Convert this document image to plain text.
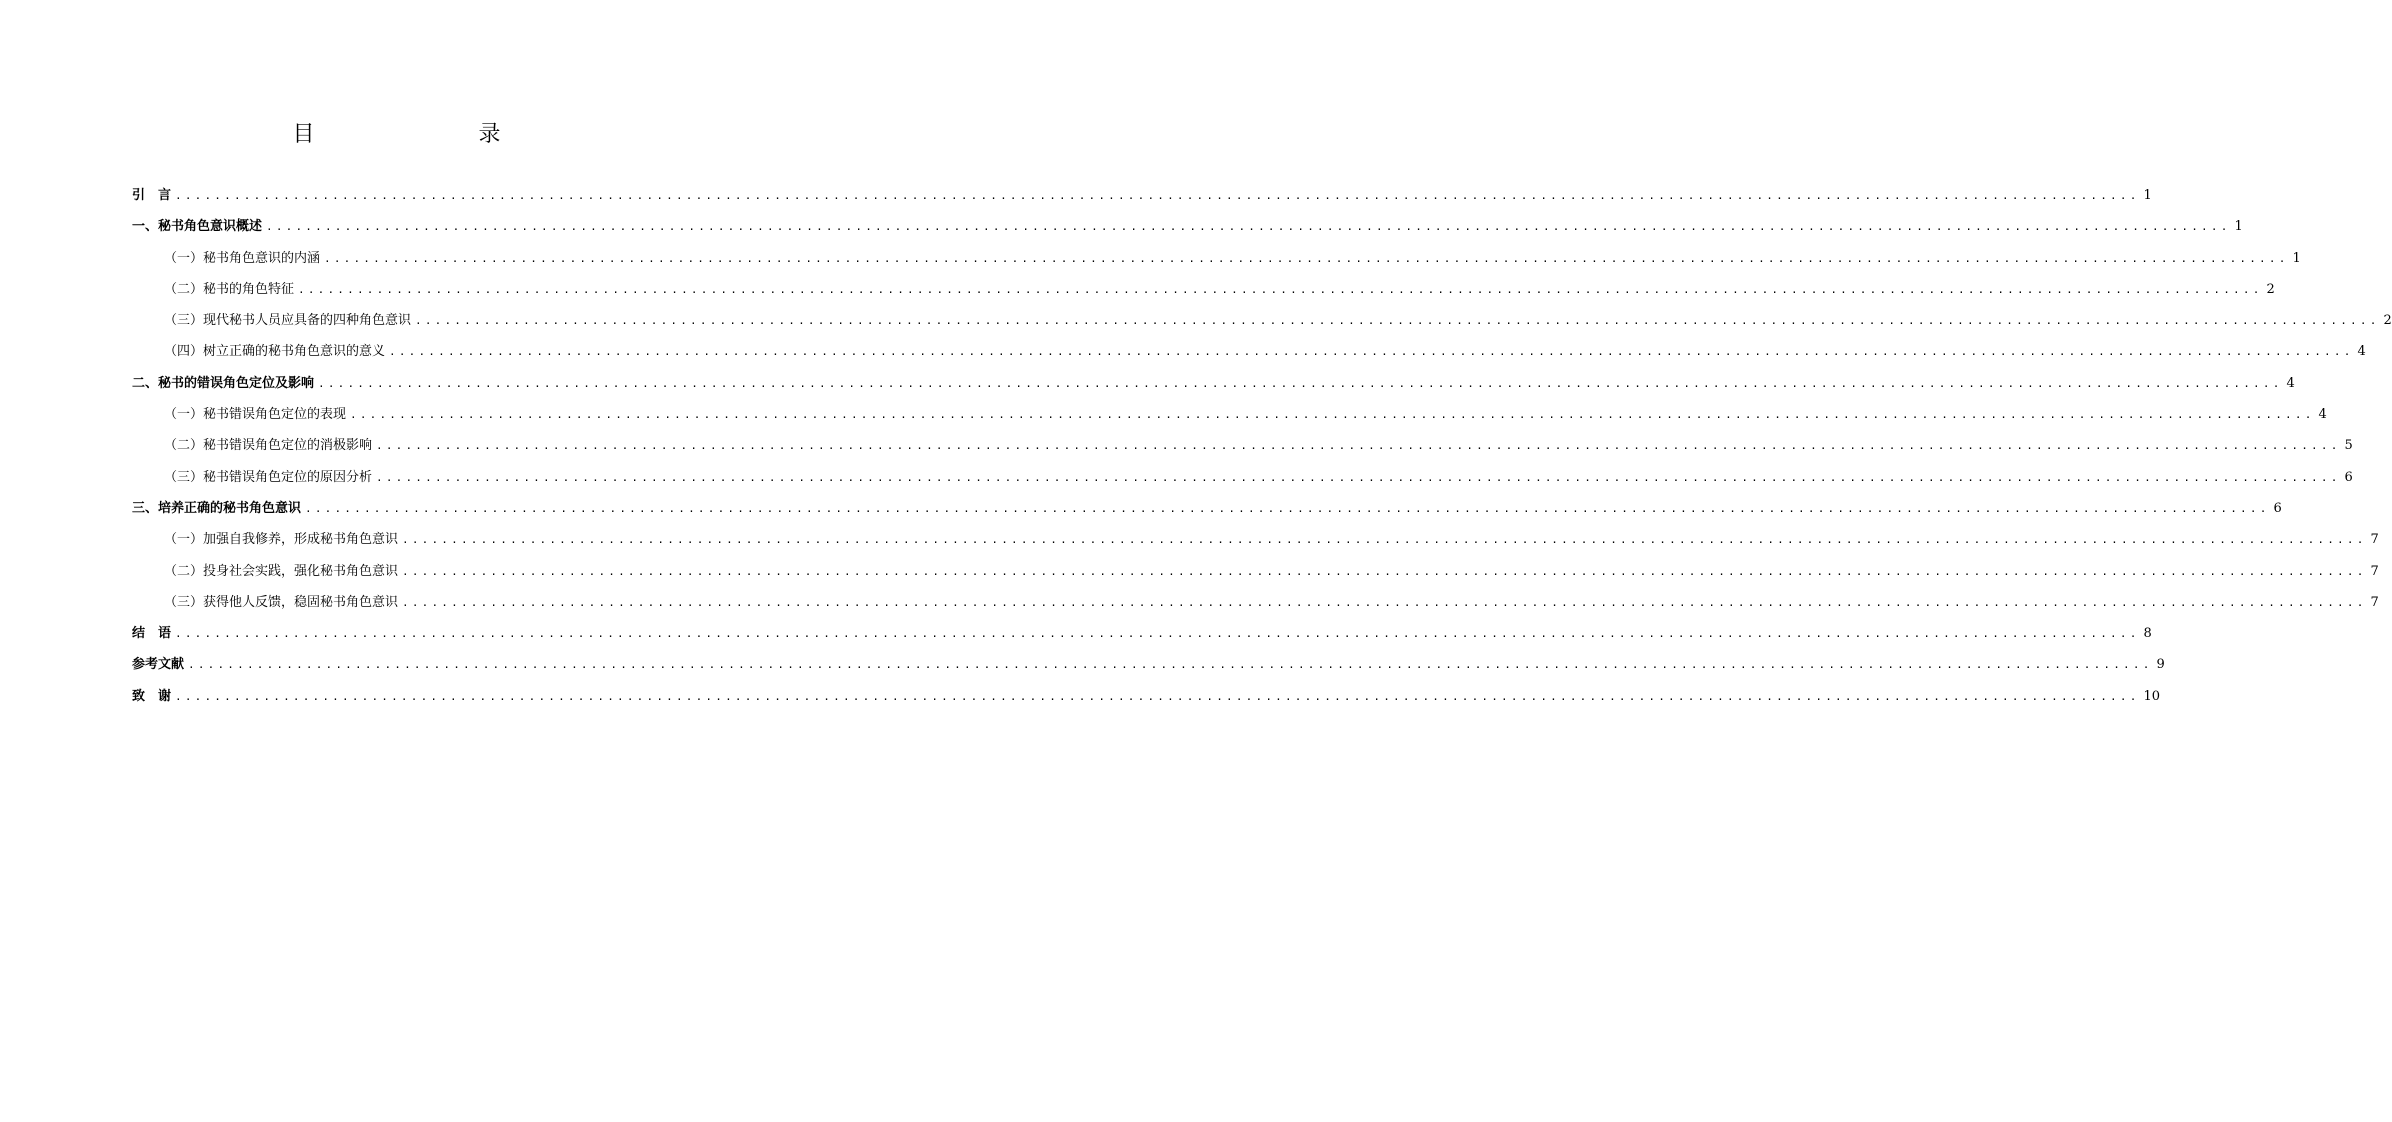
目　　录
引　言 ........................................................................................................................................................................................................ 1
一、秘书角色意识概述 ........................................................................................................................................................................................................ 1
（一）秘书角色意识的内涵 ........................................................................................................................................................................................................ 1
（二）秘书的角色特征 ........................................................................................................................................................................................................ 2
（三）现代秘书人员应具备的四种角色意识 ........................................................................................................................................................................................................ 2
（四）树立正确的秘书角色意识的意义 ........................................................................................................................................................................................................ 4
二、秘书的错误角色定位及影响 ........................................................................................................................................................................................................ 4
（一）秘书错误角色定位的表现 ........................................................................................................................................................................................................ 4
（二）秘书错误角色定位的消极影响 ........................................................................................................................................................................................................ 5
（三）秘书错误角色定位的原因分析 ........................................................................................................................................................................................................ 6
三、培养正确的秘书角色意识 ........................................................................................................................................................................................................ 6
（一）加强自我修养，形成秘书角色意识 ........................................................................................................................................................................................................ 7
（二）投身社会实践，强化秘书角色意识 ........................................................................................................................................................................................................ 7
（三）获得他人反馈，稳固秘书角色意识 ........................................................................................................................................................................................................ 7
结　语 ........................................................................................................................................................................................................ 8
参考文献 ........................................................................................................................................................................................................ 9
致　谢 ........................................................................................................................................................................................................ 10
